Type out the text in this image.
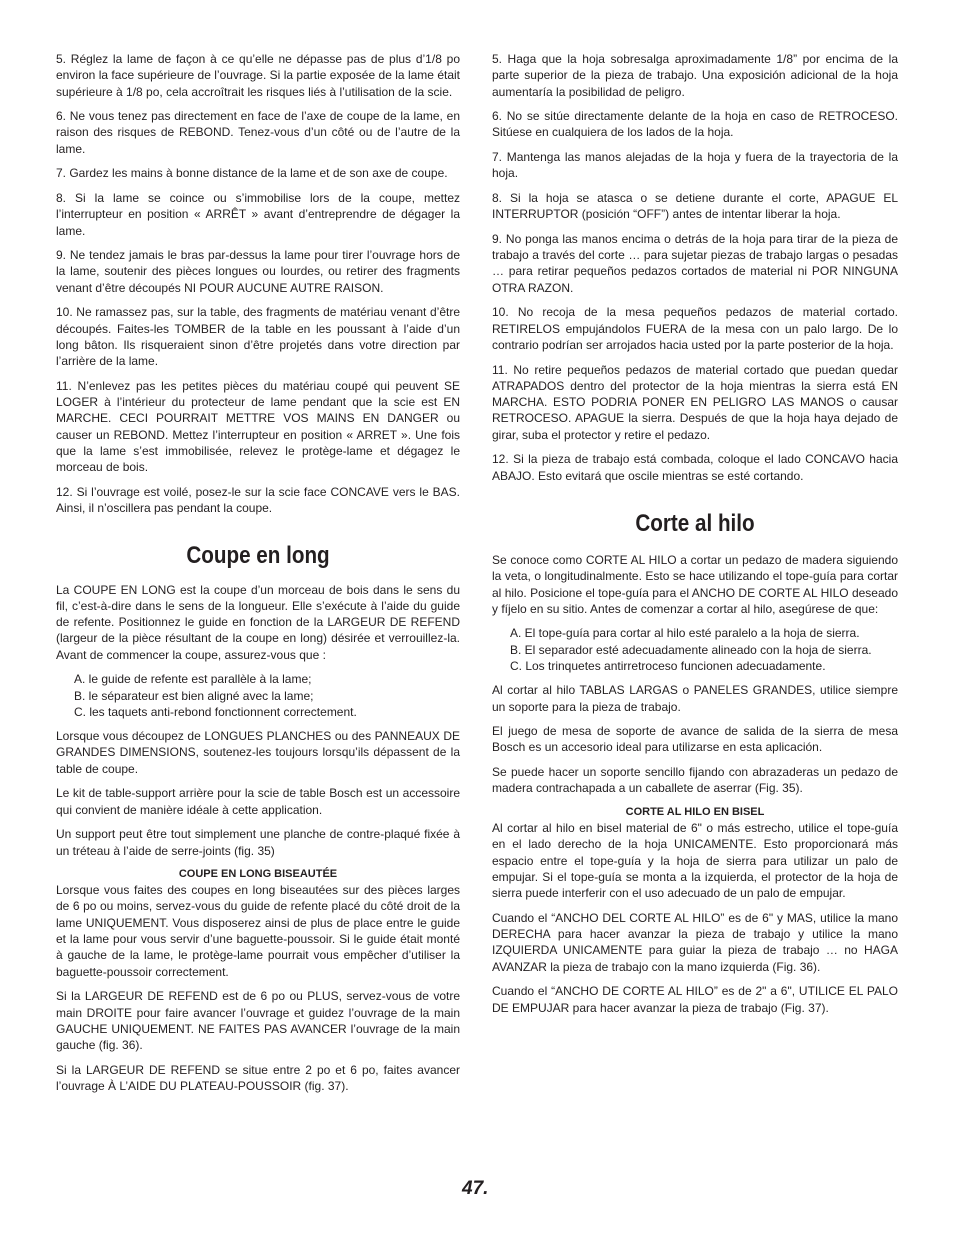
5. Réglez la lame de façon à ce qu’elle ne dépasse pas de plus d’1/8 po environ la face supérieure de l’ouvrage. Si la partie exposée de la lame était supérieure à 1/8 po, cela accroîtrait les risques liés à l’utilisation de la scie.

6. Ne vous tenez pas directement en face de l’axe de coupe de la lame, en raison des risques de REBOND. Tenez-vous d’un côté ou de l’autre de la lame.

7. Gardez les mains à bonne distance de la lame et de son axe de coupe.

8. Si la lame se coince ou s’immobilise lors de la coupe, mettez l’interrupteur en position « ARRÊT » avant d’entreprendre de dégager la lame.

9. Ne tendez jamais le bras par-dessus la lame pour tirer l’ouvrage hors de la lame, soutenir des pièces longues ou lourdes, ou retirer des fragments venant d’être découpés NI POUR AUCUNE AUTRE RAISON.

10. Ne ramassez pas, sur la table, des fragments de matériau venant d’être découpés. Faites-les TOMBER de la table en les poussant à l’aide d’un long bâton. Ils risqueraient sinon d’être projetés dans votre direction par l’arrière de la lame.

11. N’enlevez pas les petites pièces du matériau coupé qui peuvent SE LOGER à l’intérieur du protecteur de lame pendant que la scie est EN MARCHE. CECI POURRAIT METTRE VOS MAINS EN DANGER ou causer un REBOND. Mettez l’interrupteur en position « ARRET ». Une fois que la lame s’est immobilisée, relevez le protège-lame et dégagez le morceau de bois.

12. Si l’ouvrage est voilé, posez-le sur la scie face CONCAVE vers le BAS. Ainsi, il n’oscillera pas pendant la coupe.

Coupe en long

La COUPE EN LONG est la coupe d’un morceau de bois dans le sens du fil, c’est-à-dire dans le sens de la longueur. Elle s’exécute à l’aide du guide de refente. Positionnez le guide en fonction de la LARGEUR DE REFEND (largeur de la pièce résultant de la coupe en long) désirée et verrouillez-la. Avant de commencer la coupe, assurez-vous que :

A. le guide de refente est parallèle à la lame;
B. le séparateur est bien aligné avec la lame;
C. les taquets anti-rebond fonctionnent correctement.

Lorsque vous découpez de LONGUES PLANCHES ou des PANNEAUX DE GRANDES DIMENSIONS, soutenez-les toujours lorsqu’ils dépassent de la table de coupe.

Le kit de table-support arrière pour la scie de table Bosch est un accessoire qui convient de manière idéale à cette application.

Un support peut être tout simplement une planche de contre-plaqué fixée à un tréteau à l’aide de serre-joints (fig. 35)

COUPE EN LONG BISEAUTÉE

Lorsque vous faites des coupes en long biseautées sur des pièces larges de 6 po ou moins, servez-vous du guide de refente placé du côté droit de la lame UNIQUEMENT. Vous disposerez ainsi de plus de place entre le guide et la lame pour vous servir d’une baguette-poussoir. Si le guide était monté à gauche de la lame, le protège-lame pourrait vous empêcher d’utiliser la baguette-poussoir correctement.

Si la LARGEUR DE REFEND est de 6 po ou PLUS, servez-vous de votre main DROITE pour faire avancer l’ouvrage et guidez l’ouvrage de la main GAUCHE UNIQUEMENT. NE FAITES PAS AVANCER l’ouvrage de la main gauche (fig. 36).

Si la LARGEUR DE REFEND se situe entre 2 po et 6 po, faites avancer l’ouvrage À L’AIDE DU PLATEAU-POUSSOIR (fig. 37).

5. Haga que la hoja sobresalga aproximadamente 1/8” por encima de la parte superior de la pieza de trabajo. Una exposición adicional de la hoja aumentaría la posibilidad de peligro.

6. No se sitúe directamente delante de la hoja en caso de RETROCESO. Sitúese en cualquiera de los lados de la hoja.

7. Mantenga las manos alejadas de la hoja y fuera de la trayectoria de la hoja.

8. Si la hoja se atasca o se detiene durante el corte, APAGUE EL INTERRUPTOR (posición “OFF”) antes de intentar liberar la hoja.

9. No ponga las manos encima o detrás de la hoja para tirar de la pieza de trabajo a través del corte … para sujetar piezas de trabajo largas o pesadas … para retirar pequeños pedazos cortados de material ni POR NINGUNA OTRA RAZON.

10. No recoja de la mesa pequeños pedazos de material cortado. RETIRELOS empujándolos FUERA de la mesa con un palo largo. De lo contrario podrían ser arrojados hacia usted por la parte posterior de la hoja.

11. No retire pequeños pedazos de material cortado que puedan quedar ATRAPADOS dentro del protector de la hoja mientras la sierra está EN MARCHA. ESTO PODRIA PONER EN PELIGRO LAS MANOS o causar RETROCESO. APAGUE la sierra. Después de que la hoja haya dejado de girar, suba el protector y retire el pedazo.

12. Si la pieza de trabajo está combada, coloque el lado CONCAVO hacia ABAJO. Esto evitará que oscile mientras se esté cortando.

Corte al hilo

Se conoce como CORTE AL HILO a cortar un pedazo de madera siguiendo la veta, o longitudinalmente. Esto se hace utilizando el tope-guía para cortar al hilo. Posicione el tope-guía para el ANCHO DE CORTE AL HILO deseado y fíjelo en su sitio. Antes de comenzar a cortar al hilo, asegúrese de que:

A. El tope-guía para cortar al hilo esté paralelo a la hoja de sierra.
B. El separador esté adecuadamente alineado con la hoja de sierra.
C. Los trinquetes antirretroceso funcionen adecuadamente.

Al cortar al hilo TABLAS LARGAS o PANELES GRANDES, utilice siempre un soporte para la pieza de trabajo.

El juego de mesa de soporte de avance de salida de la sierra de mesa Bosch es un accesorio ideal para utilizarse en esta aplicación.

Se puede hacer un soporte sencillo fijando con abrazaderas un pedazo de madera contrachapada a un caballete de aserrar (Fig. 35).

CORTE AL HILO EN BISEL

Al cortar al hilo en bisel material de 6" o más estrecho, utilice el tope-guía en el lado derecho de la hoja UNICAMENTE. Esto proporcionará más espacio entre el tope-guía y la hoja de sierra para utilizar un palo de empujar. Si el tope-guía se monta a la izquierda, el protector de la hoja de sierra puede interferir con el uso adecuado de un palo de empujar.

Cuando el “ANCHO DEL CORTE AL HILO” es de 6" y MAS, utilice la mano DERECHA para hacer avanzar la pieza de trabajo y utilice la mano IZQUIERDA UNICAMENTE para guiar la pieza de trabajo … no HAGA AVANZAR la pieza de trabajo con la mano izquierda (Fig. 36).

Cuando el “ANCHO DE CORTE AL HILO” es de 2" a 6", UTILICE EL PALO DE EMPUJAR para hacer avanzar la pieza de trabajo (Fig. 37).

47.
